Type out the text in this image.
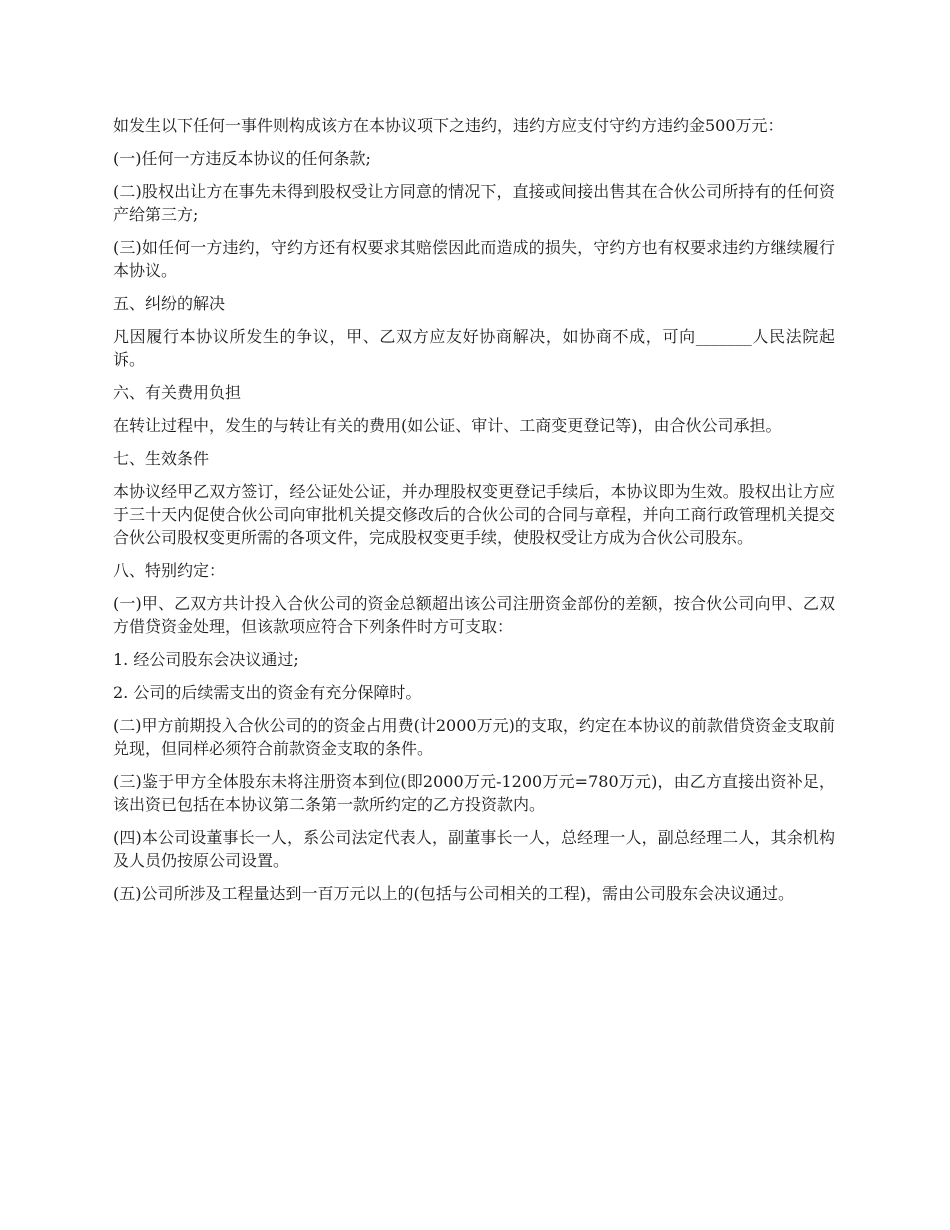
如发生以下任何一事件则构成该方在本协议项下之违约，违约方应支付守约方违约金500万元：

(一)任何一方违反本协议的任何条款;

(二)股权出让方在事先未得到股权受让方同意的情况下，直接或间接出售其在合伙公司所持有的任何资产给第三方;

(三)如任何一方违约，守约方还有权要求其赔偿因此而造成的损失，守约方也有权要求违约方继续履行本协议。

五、纠纷的解决

凡因履行本协议所发生的争议，甲、乙双方应友好协商解决，如协商不成，可向_______人民法院起诉。

六、有关费用负担

在转让过程中，发生的与转让有关的费用(如公证、审计、工商变更登记等)，由合伙公司承担。

七、生效条件

本协议经甲乙双方签订，经公证处公证，并办理股权变更登记手续后，本协议即为生效。股权出让方应于三十天内促使合伙公司向审批机关提交修改后的合伙公司的合同与章程，并向工商行政管理机关提交合伙公司股权变更所需的各项文件，完成股权变更手续，使股权受让方成为合伙公司股东。

八、特别约定：

(一)甲、乙双方共计投入合伙公司的资金总额超出该公司注册资金部份的差额，按合伙公司向甲、乙双方借贷资金处理，但该款项应符合下列条件时方可支取：

1. 经公司股东会决议通过;

2. 公司的后续需支出的资金有充分保障时。

(二)甲方前期投入合伙公司的的资金占用费(计2000万元)的支取，约定在本协议的前款借贷资金支取前兑现，但同样必须符合前款资金支取的条件。

(三)鉴于甲方全体股东未将注册资本到位(即2000万元-1200万元=780万元)，由乙方直接出资补足，该出资已包括在本协议第二条第一款所约定的乙方投资款内。

(四)本公司设董事长一人，系公司法定代表人，副董事长一人，总经理一人，副总经理二人，其余机构及人员仍按原公司设置。

(五)公司所涉及工程量达到一百万元以上的(包括与公司相关的工程)，需由公司股东会决议通过。
